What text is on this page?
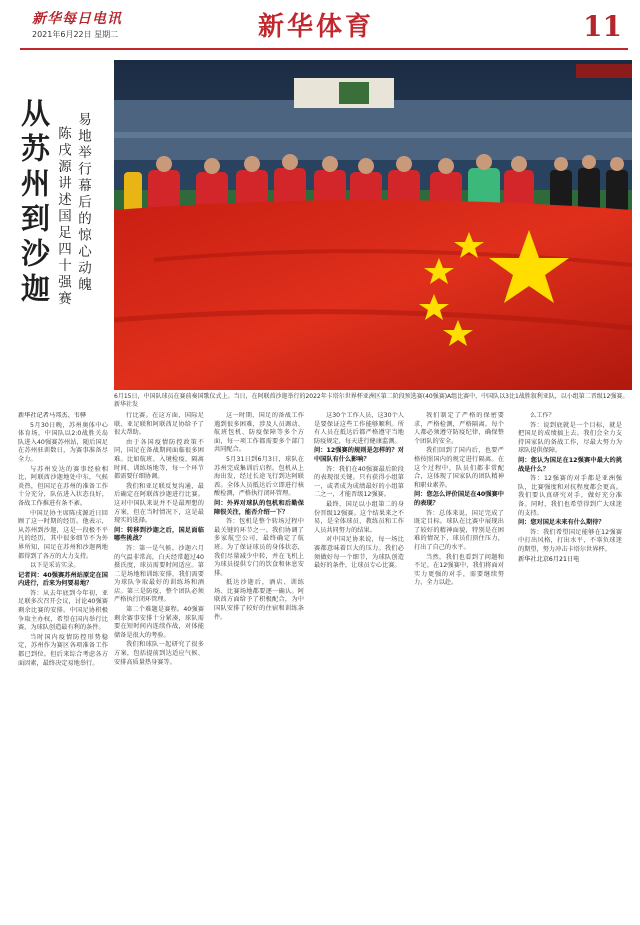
新华每日电讯
2021年6月22日 星期二	新华体育	11
从苏州到沙迦 易地举行幕后的惊心动魄
陈戌源讲述国足四十强赛
6月15日，中国队球员在赛前奏国歌仪式上。当日，在阿联酋沙迦举行的2022年卡塔尔世界杯亚洲区第二阶段预选赛(40强赛)A组比赛中，中国队以3比1战胜叙利亚队，以小组第二晋级12强赛。 新华社发

新华社记者马邦杰、韦骅

5月30日晚，苏州奥体中心体育场，中国队以2:0战胜关岛队进入40强赛苏州站，随后国足在苏州驻训数日，为赛事准备尽全力。

与苏州发达的赛事经验相比，阿联酋沙迦地处中东，气候炎热，但国足在苏州的准备工作十分充分，队伍进入状态良好，备战工作推进有条不紊。

中国足协主席陈戌源近日回顾了这一时期的经历。他表示，从苏州到沙迦，这是一段极不平凡的经历，其中很多细节不为外界所知，国足在苏州和沙迦两地都得到了各方的大力支持。

以下是采访实录。

记者问：40强赛苏州站原定在国内进行，后来为何要易地？

答：从去年底到今年初，亚足联多次召开会议，讨论40强赛剩余比赛的安排。中国足协积极争取主办权，希望在国内举行比赛，为球队创造最有利的条件。

当时国内疫情防控形势稳定，苏州作为赛区各项准备工作都已到位。但后来综合考虑各方面因素，最终决定易地举行。

行比赛。在这方面，国际足联、亚足联和阿联酋足协给予了很大帮助。

由于各国疫情防控政策不同，国足在备战期间面临很多困难。比如航班、入境检疫、隔离时间、训练场地等，每一个环节都需要仔细协调。

我们和亚足联反复沟通，最后确定在阿联酋沙迦进行比赛。这对中国队来说并不是最理想的方案，但在当时情况下，这是最现实的选择。

问：转移到沙迦之后，国足面临哪些挑战？

答：第一是气候。沙迦六月的气温非常高，白天经常超过40摄氏度，球员需要时间适应。第二是场地和训练安排，我们需要为球队争取最好的训练场和酒店。第三是防疫，整个团队必须严格执行闭环管理。

第二个难题是赛程。40强赛剩余赛事安排十分紧凑，球队需要在短时间内连续作战，对体能储备是很大的考验。

我们和球队一起研究了很多方案，包括提前到达适应气候、安排高质量热身赛等。

这一时期，国足的备战工作遇到很多困难，涉及人员调动、航班包机、防疫保障等多个方面，每一项工作都需要多个部门共同配合。

5月31日到6月3日，球队在苏州完成集训后启程。包机从上海出发，经过长途飞行到达阿联酋。全体人员抵达后立即进行核酸检测，严格执行闭环管理。

问：外界对球队的包机和后勤保障很关注，能否介绍一下？

答：包机是整个转场过程中最关键的环节之一。我们协调了多家航空公司，最终确定了航班。为了保证球员的身体状态，我们尽量减少中转，并在飞机上为球员提供专门的饮食和休息安排。

抵达沙迦后，酒店、训练场、比赛场地都要逐一确认。阿联酋方面给予了积极配合，为中国队安排了较好的住宿和训练条件。

这30个工作人员，这30个人是要保证这些工作能够顺利。所有人员在抵达后都严格遵守当地防疫规定，每天进行健康监测。

问：12强赛的规则是怎样的？对中国队有什么影响？

答：我们在40强赛最后阶段的表现很关键。只有获得小组第一，或者成为成绩最好的小组第二之一，才能晋级12强赛。

最终，国足以小组第二的身份晋级12强赛。这个结果来之不易，是全体球员、教练员和工作人员共同努力的结果。

对中国足协来说，每一场比赛都意味着巨大的压力。我们必须做好每一个细节，为球队创造最好的条件，让球员专心比赛。

我们制定了严格的保密要求，严格检测，严格隔离。每个人都必须遵守防疫纪律，确保整个团队的安全。

我们回到了国内后，也要严格按照国内的规定进行隔离。在这个过程中，队员们都非常配合，这体现了国家队的团队精神和职业素养。

问：您怎么评价国足在40强赛中的表现？

答：总体来说，国足完成了既定目标。球队在比赛中展现出了较好的精神面貌，特别是在困难的情况下，球员们顶住压力，打出了自己的水平。

当然，我们也看到了问题和不足。在12强赛中，我们将面对实力更强的对手，需要继续努力，全力以赴。

么工作？

答：说到底就是一个目标，就是把国足的成绩搞上去。我们会全力支持国家队的备战工作，尽最大努力为球队提供保障。

问：您认为国足在12强赛中最大的挑战是什么？

答：12强赛的对手都是亚洲强队，比赛强度和对抗程度都会更高。我们要认真研究对手，做好充分准备。同时，我们也希望得到广大球迷的支持。

问：您对国足未来有什么期待？

答：我们希望国足能够在12强赛中打出风格，打出水平，不辜负球迷的期望，努力冲击卡塔尔世界杯。

新华社北京6月21日电
